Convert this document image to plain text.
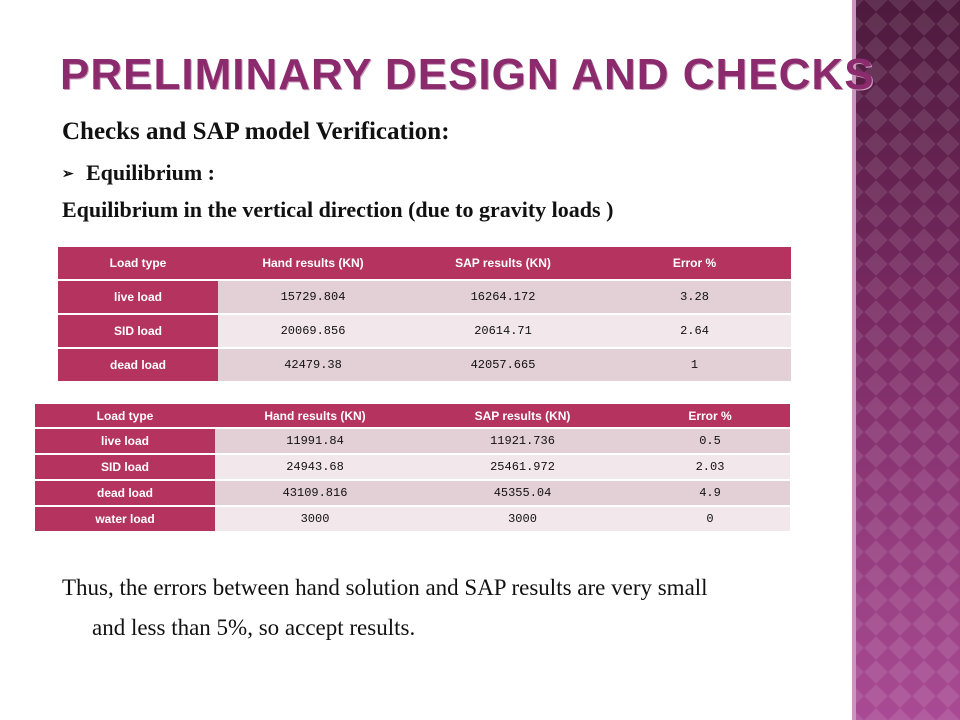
PRELIMINARY DESIGN AND CHECKS
Checks and SAP model Verification:
➢ Equilibrium :
Equilibrium in the vertical direction (due to gravity loads )
Load type	Hand results (KN)	SAP results (KN)	Error %
live load	15729.804	16264.172	3.28
SID load	20069.856	20614.71	2.64
dead load	42479.38	42057.665	1
Load type	Hand results (KN)	SAP results (KN)	Error %
live load	11991.84	11921.736	0.5
SID load	24943.68	25461.972	2.03
dead load	43109.816	45355.04	4.9
water load	3000	3000	0
Thus, the errors between hand solution and SAP results are very small
and less than 5%, so accept results.
